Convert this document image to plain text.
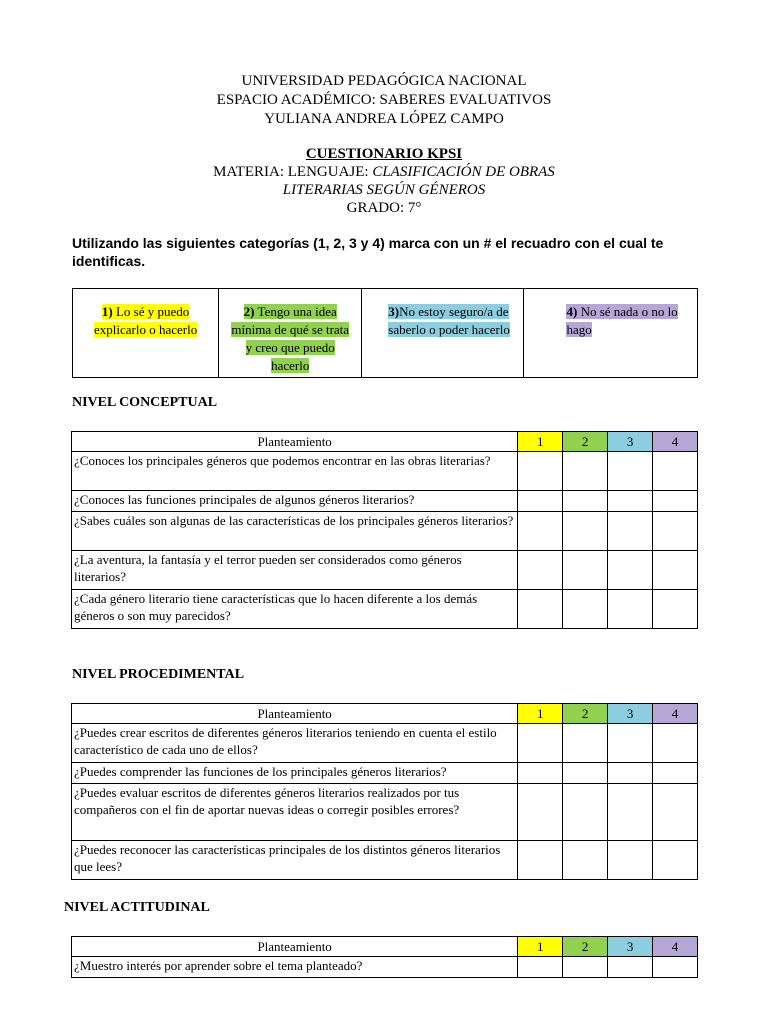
UNIVERSIDAD PEDAGÓGICA NACIONAL
ESPACIO ACADÉMICO: SABERES EVALUATIVOS
YULIANA ANDREA LÓPEZ CAMPO
CUESTIONARIO KPSI
MATERIA: LENGUAJE: CLASIFICACIÓN DE OBRAS
LITERARIAS SEGÚN GÉNEROS
GRADO: 7°
Utilizando las siguientes categorías (1, 2, 3 y 4) marca con un # el recuadro con el cual te identificas.
1) Lo sé y puedo explicarlo o hacerlo	2) Tengo una idea mínima de qué se trata y creo que puedo hacerlo	3)No estoy seguro/a de saberlo o poder hacerlo	4) No sé nada o no lo hago
NIVEL CONCEPTUAL
Planteamiento	1	2	3	4
¿Conoces los principales géneros que podemos encontrar en las obras literarias?				
¿Conoces las funciones principales de algunos géneros literarios?				
¿Sabes cuáles son algunas de las características de los principales géneros literarios?				
¿La aventura, la fantasía y el terror pueden ser considerados como géneros literarios?				
¿Cada género literario tiene características que lo hacen diferente a los demás géneros o son muy parecidos?				
NIVEL PROCEDIMENTAL
Planteamiento	1	2	3	4
¿Puedes crear escritos de diferentes géneros literarios teniendo en cuenta el estilo característico de cada uno de ellos?				
¿Puedes comprender las funciones de los principales géneros literarios?				
¿Puedes evaluar escritos de diferentes géneros literarios realizados por tus compañeros con el fin de aportar nuevas ideas o corregir posibles errores?				
¿Puedes reconocer las características principales de los distintos géneros literarios que lees?				
NIVEL ACTITUDINAL
Planteamiento	1	2	3	4
¿Muestro interés por aprender sobre el tema planteado?				
